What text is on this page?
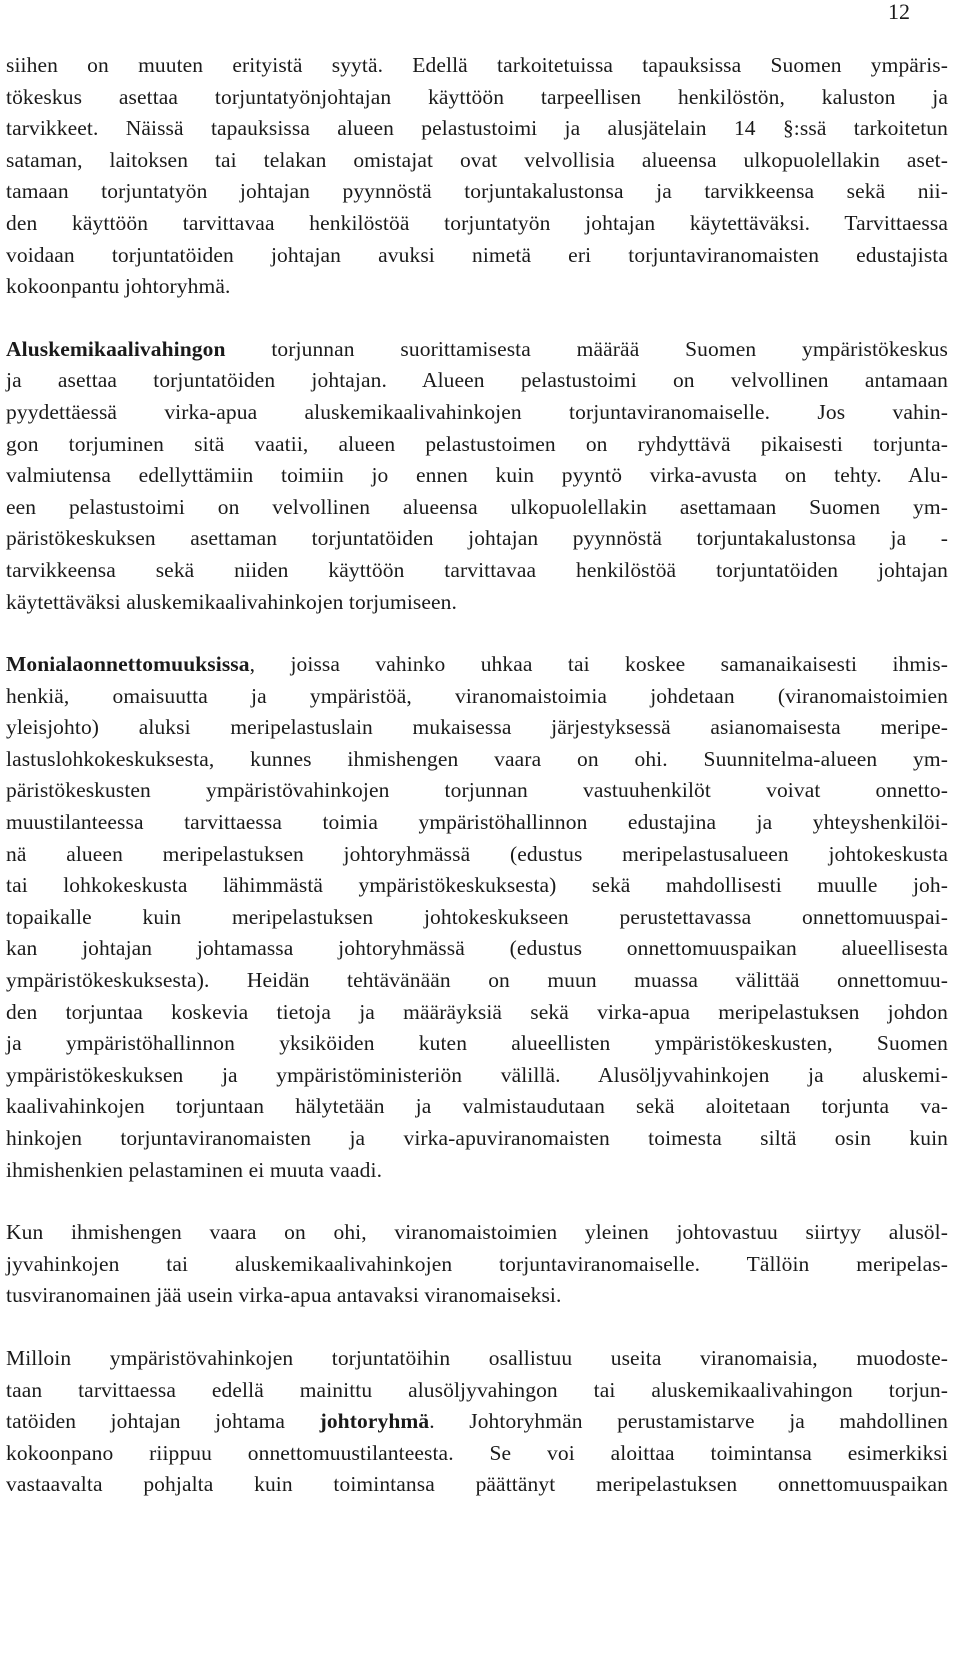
12
siihen on muuten erityistä syytä. Edellä tarkoitetuissa tapauksissa Suomen ympäris-
tökeskus asettaa torjuntatyönjohtajan käyttöön tarpeellisen henkilöstön, kaluston ja
tarvikkeet. Näissä tapauksissa alueen pelastustoimi ja alusjätelain 14 §:ssä tarkoitetun
sataman, laitoksen tai telakan omistajat ovat velvollisia alueensa ulkopuolellakin aset-
tamaan torjuntatyön johtajan pyynnöstä torjuntakalustonsa ja tarvikkeensa sekä nii-
den käyttöön tarvittavaa henkilöstöä torjuntatyön johtajan käytettäväksi. Tarvittaessa
voidaan torjuntatöiden johtajan avuksi nimetä eri torjuntaviranomaisten edustajista
kokoonpantu johtoryhmä.
Aluskemikaalivahingon torjunnan suorittamisesta määrää Suomen ympäristökeskus
ja asettaa torjuntatöiden johtajan. Alueen pelastustoimi on velvollinen antamaan
pyydettäessä virka-apua aluskemikaalivahinkojen torjuntaviranomaiselle. Jos vahin-
gon torjuminen sitä vaatii, alueen pelastustoimen on ryhdyttävä pikaisesti torjunta-
valmiutensa edellyttämiin toimiin jo ennen kuin pyyntö virka-avusta on tehty. Alu-
een pelastustoimi on velvollinen alueensa ulkopuolellakin asettamaan Suomen ym-
päristökeskuksen asettaman torjuntatöiden johtajan pyynnöstä torjuntakalustonsa ja -
tarvikkeensa sekä niiden käyttöön tarvittavaa henkilöstöä torjuntatöiden johtajan
käytettäväksi aluskemikaalivahinkojen torjumiseen.
Monialaonnettomuuksissa, joissa vahinko uhkaa tai koskee samanaikaisesti ihmis-
henkiä, omaisuutta ja ympäristöä, viranomaistoimia johdetaan (viranomaistoimien
yleisjohto) aluksi meripelastuslain mukaisessa järjestyksessä asianomaisesta meripe-
lastuslohkokeskuksesta, kunnes ihmishengen vaara on ohi. Suunnitelma-alueen ym-
päristökeskusten ympäristövahinkojen torjunnan vastuuhenkilöt voivat onnetto-
muustilanteessa tarvittaessa toimia ympäristöhallinnon edustajina ja yhteyshenkilöi-
nä alueen meripelastuksen johtoryhmässä (edustus meripelastusalueen johtokeskusta
tai lohkokeskusta lähimmästä ympäristökeskuksesta) sekä mahdollisesti muulle joh-
topaikalle kuin meripelastuksen johtokeskukseen perustettavassa onnettomuuspai-
kan johtajan johtamassa johtoryhmässä (edustus onnettomuuspaikan alueellisesta
ympäristökeskuksesta). Heidän tehtävänään on muun muassa välittää onnettomuu-
den torjuntaa koskevia tietoja ja määräyksiä sekä virka-apua meripelastuksen johdon
ja ympäristöhallinnon yksiköiden kuten alueellisten ympäristökeskusten, Suomen
ympäristökeskuksen ja ympäristöministeriön välillä. Alusöljyvahinkojen ja aluskemi-
kaalivahinkojen torjuntaan hälytetään ja valmistaudutaan sekä aloitetaan torjunta va-
hinkojen torjuntaviranomaisten ja virka-apuviranomaisten toimesta siltä osin kuin
ihmishenkien pelastaminen ei muuta vaadi.
Kun ihmishengen vaara on ohi, viranomaistoimien yleinen johtovastuu siirtyy alusöl-
jyvahinkojen tai aluskemikaalivahinkojen torjuntaviranomaiselle. Tällöin meripelas-
tusviranomainen jää usein virka-apua antavaksi viranomaiseksi.
Milloin ympäristövahinkojen torjuntatöihin osallistuu useita viranomaisia, muodoste-
taan tarvittaessa edellä mainittu alusöljyvahingon tai aluskemikaalivahingon torjun-
tatöiden johtajan johtama johtoryhmä. Johtoryhmän perustamistarve ja mahdollinen
kokoonpano riippuu onnettomuustilanteesta. Se voi aloittaa toimintansa esimerkiksi
vastaavalta pohjalta kuin toimintansa päättänyt meripelastuksen onnettomuuspaikan
